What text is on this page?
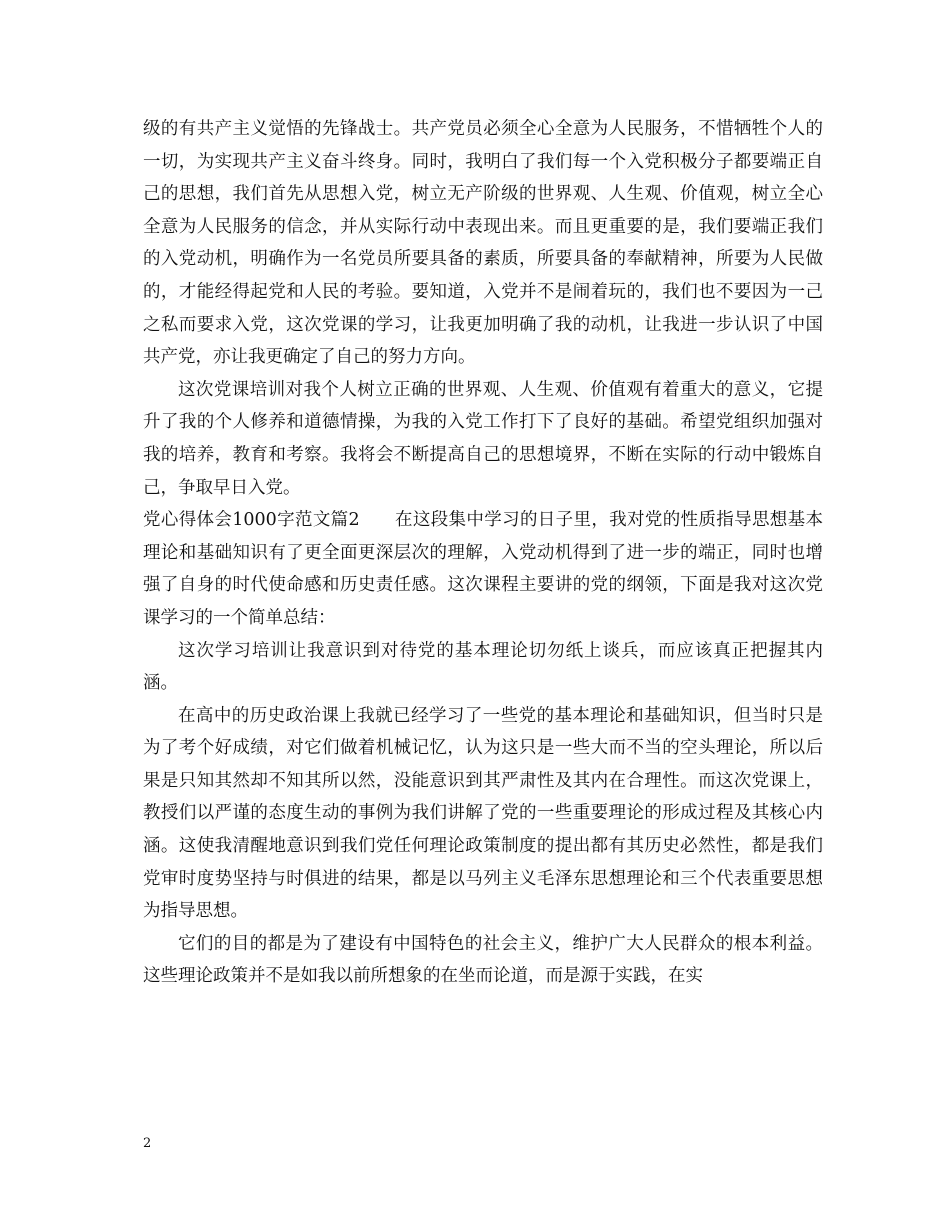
级的有共产主义觉悟的先锋战士。共产党员必须全心全意为人民服务，不惜牺牲个人的一切，为实现共产主义奋斗终身。同时，我明白了我们每一个入党积极分子都要端正自己的思想，我们首先从思想入党，树立无产阶级的世界观、人生观、价值观，树立全心全意为人民服务的信念，并从实际行动中表现出来。而且更重要的是，我们要端正我们的入党动机，明确作为一名党员所要具备的素质，所要具备的奉献精神，所要为人民做的，才能经得起党和人民的考验。要知道，入党并不是闹着玩的，我们也不要因为一己之私而要求入党，这次党课的学习，让我更加明确了我的动机，让我进一步认识了中国共产党，亦让我更确定了自己的努力方向。

这次党课培训对我个人树立正确的世界观、人生观、价值观有着重大的意义，它提升了我的个人修养和道德情操，为我的入党工作打下了良好的基础。希望党组织加强对我的培养，教育和考察。我将会不断提高自己的思想境界，不断在实际的行动中锻炼自己，争取早日入党。

党心得体会1000字范文篇2 在这段集中学习的日子里，我对党的性质指导思想基本理论和基础知识有了更全面更深层次的理解，入党动机得到了进一步的端正，同时也增强了自身的时代使命感和历史责任感。这次课程主要讲的党的纲领，下面是我对这次党课学习的一个简单总结：

这次学习培训让我意识到对待党的基本理论切勿纸上谈兵，而应该真正把握其内涵。

在高中的历史政治课上我就已经学习了一些党的基本理论和基础知识，但当时只是为了考个好成绩，对它们做着机械记忆，认为这只是一些大而不当的空头理论，所以后果是只知其然却不知其所以然，没能意识到其严肃性及其内在合理性。而这次党课上，教授们以严谨的态度生动的事例为我们讲解了党的一些重要理论的形成过程及其核心内涵。这使我清醒地意识到我们党任何理论政策制度的提出都有其历史必然性，都是我们党审时度势坚持与时俱进的结果，都是以马列主义毛泽东思想理论和三个代表重要思想为指导思想。

它们的目的都是为了建设有中国特色的社会主义，维护广大人民群众的根本利益。这些理论政策并不是如我以前所想象的在坐而论道，而是源于实践，在实

2
